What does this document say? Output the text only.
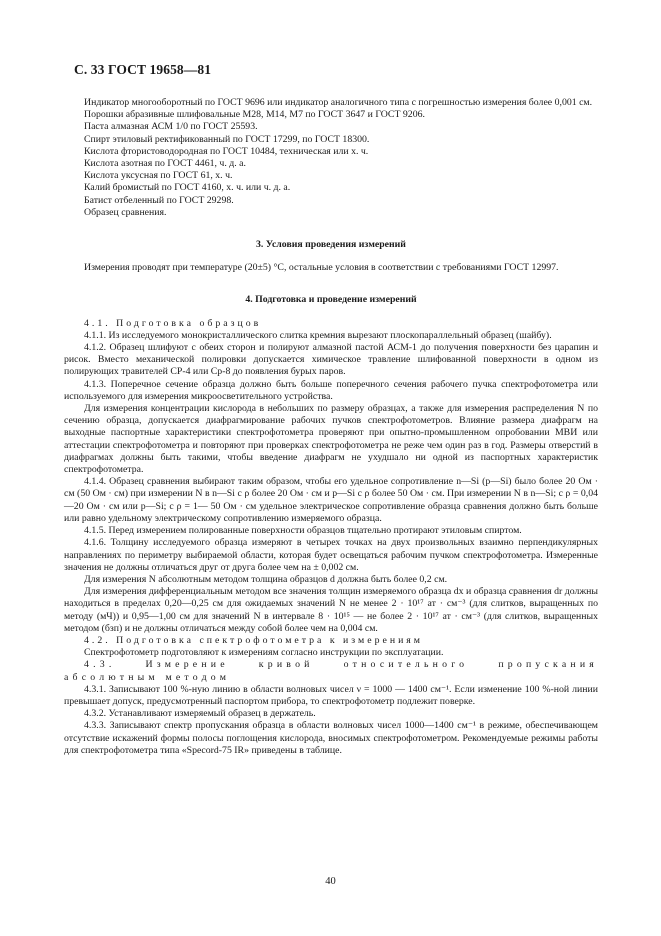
С. 33 ГОСТ 19658—81

Индикатор многооборотный по ГОСТ 9696 или индикатор аналогичного типа с погрешностью измерения более 0,001 см.

Порошки абразивные шлифовальные М28, М14, М7 по ГОСТ 3647 и ГОСТ 9206.

Паста алмазная АСМ 1/0 по ГОСТ 25593.

Спирт этиловый ректификованный по ГОСТ 17299, по ГОСТ 18300.

Кислота фтористоводородная по ГОСТ 10484, техническая или х. ч.

Кислота азотная по ГОСТ 4461, ч. д. а.

Кислота уксусная по ГОСТ 61, х. ч.

Калий бромистый по ГОСТ 4160, х. ч. или ч. д. а.

Батист отбеленный по ГОСТ 29298.

Образец сравнения.

3. Условия проведения измерений

Измерения проводят при температуре (20±5) °С, остальные условия в соответствии с требованиями ГОСТ 12997.

4. Подготовка и проведение измерений

4.1. Подготовка образцов

4.1.1. Из исследуемого монокристаллического слитка кремния вырезают плоскопараллельный образец (шайбу).

4.1.2. Образец шлифуют с обеих сторон и полируют алмазной пастой АСМ-1 до получения поверхности без царапин и рисок. Вместо механической полировки допускается химическое травление шлифованной поверхности в одном из полирующих травителей СР-4 или Ср-8 до появления бурых паров.

4.1.3. Поперечное сечение образца должно быть больше поперечного сечения рабочего пучка спектрофотометра или используемого для измерения микроосветительного устройства.

Для измерения концентрации кислорода в небольших по размеру образцах, а также для измерения распределения N по сечению образца, допускается диафрагмирование рабочих пучков спектрофотометров. Влияние размера диафрагм на выходные паспортные характеристики спектрофотометра проверяют при опытно-промышленном опробовании МВИ или аттестации спектрофотометра и повторяют при проверках спектрофотометра не реже чем один раз в год. Размеры отверстий в диафрагмах должны быть такими, чтобы введение диафрагм не ухудшало ни одной из паспортных характеристик спектрофотометра.

4.1.4. Образец сравнения выбирают таким образом, чтобы его удельное сопротивление n—Si (p—Si) было более 20 Ом · см (50 Ом · см) при измерении N в n—Si с ρ более 20 Ом · см и p—Si с ρ более 50 Ом · см. При измерении N в n—Si; с ρ = 0,04—20 Ом · см или p—Si; с ρ = 1— 50 Ом · см удельное электрическое сопротивление образца сравнения должно быть больше или равно удельному электрическому сопротивлению измеряемого образца.

4.1.5. Перед измерением полированные поверхности образцов тщательно протирают этиловым спиртом.

4.1.6. Толщину исследуемого образца измеряют в четырех точках на двух произвольных взаимно перпендикулярных направлениях по периметру выбираемой области, которая будет освещаться рабочим пучком спектрофотометра. Измеренные значения не должны отличаться друг от друга более чем на ± 0,002 см.

Для измерения N абсолютным методом толщина образцов d должна быть более 0,2 см.

Для измерения дифференциальным методом все значения толщин измеряемого образца dx и образца сравнения dr должны находиться в пределах 0,20—0,25 см для ожидаемых значений N не менее 2 · 10¹⁷ ат · см⁻³ (для слитков, выращенных по методу (мЧ)) и 0,95—1,00 см для значений N в интервале 8 · 10¹⁵ — не более 2 · 10¹⁷ ат · см⁻³ (для слитков, выращенных методом (бзп) и не должны отличаться между собой более чем на 0,004 см.

4.2. Подготовка спектрофотометра к измерениям

Спектрофотометр подготовляют к измерениям согласно инструкции по эксплуатации.

4.3. Измерение кривой относительного пропускания абсолютным методом

4.3.1. Записывают 100 %-ную линию в области волновых чисел ν = 1000 — 1400 см⁻¹. Если изменение 100 %-ной линии превышает допуск, предусмотренный паспортом прибора, то спектрофотометр подлежит поверке.

4.3.2. Устанавливают измеряемый образец в держатель.

4.3.3. Записывают спектр пропускания образца в области волновых чисел 1000—1400 см⁻¹ в режиме, обеспечивающем отсутствие искажений формы полосы поглощения кислорода, вносимых спектрофотометром. Рекомендуемые режимы работы для спектрофотометра типа «Specord-75 IR» приведены в таблице.

40
